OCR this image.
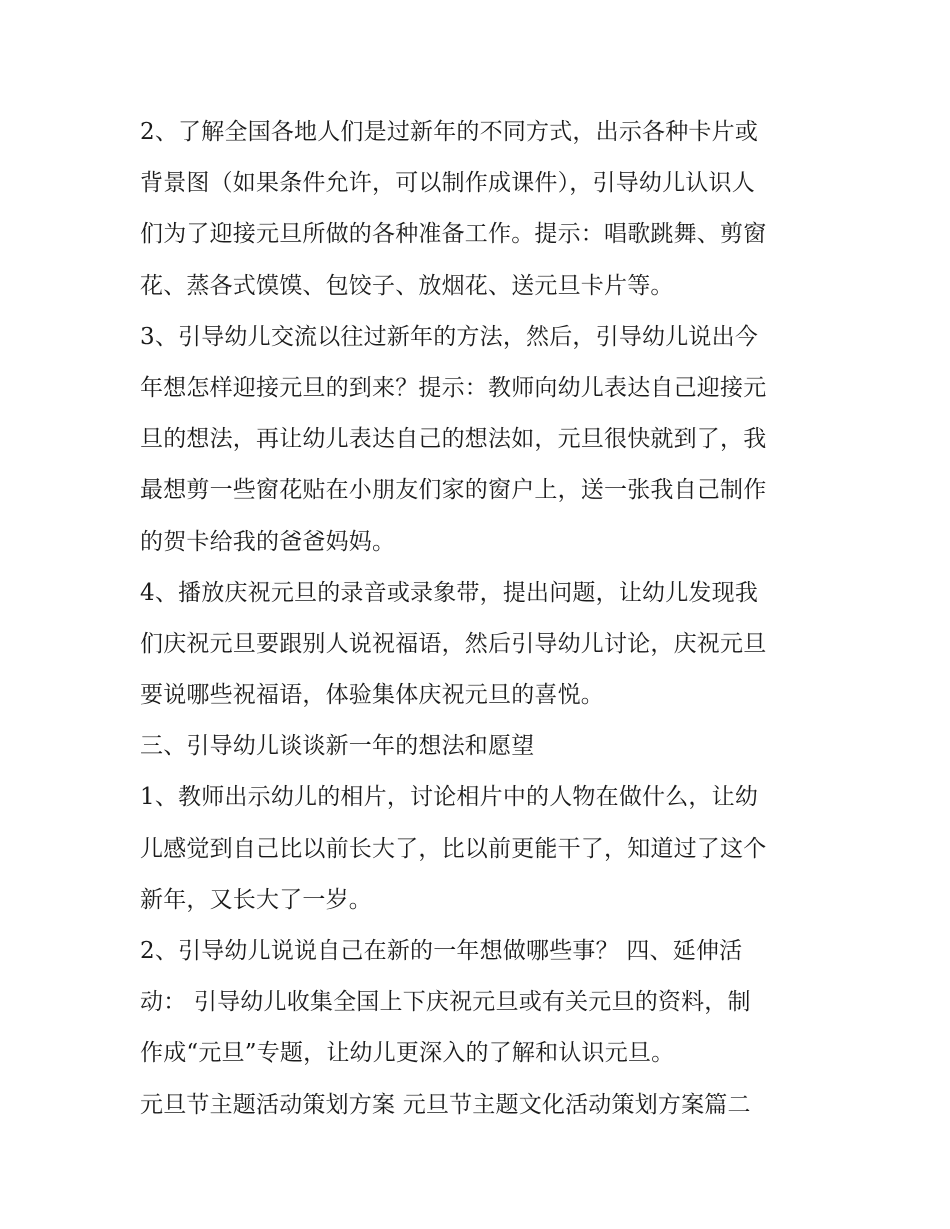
2、了解全国各地人们是过新年的不同方式，出示各种卡片或
背景图（如果条件允许，可以制作成课件），引导幼儿认识人
们为了迎接元旦所做的各种准备工作。提示：唱歌跳舞、剪窗
花、蒸各式馍馍、包饺子、放烟花、送元旦卡片等。
3、引导幼儿交流以往过新年的方法，然后，引导幼儿说出今
年想怎样迎接元旦的到来？提示：教师向幼儿表达自己迎接元
旦的想法，再让幼儿表达自己的想法如，元旦很快就到了，我
最想剪一些窗花贴在小朋友们家的窗户上，送一张我自己制作
的贺卡给我的爸爸妈妈。
4、播放庆祝元旦的录音或录象带，提出问题，让幼儿发现我
们庆祝元旦要跟别人说祝福语，然后引导幼儿讨论，庆祝元旦
要说哪些祝福语，体验集体庆祝元旦的喜悦。
三、引导幼儿谈谈新一年的想法和愿望
1、教师出示幼儿的相片，讨论相片中的人物在做什么，让幼
儿感觉到自己比以前长大了，比以前更能干了，知道过了这个
新年，又长大了一岁。
2、引导幼儿说说自己在新的一年想做哪些事？ 四、延伸活
动： 引导幼儿收集全国上下庆祝元旦或有关元旦的资料，制
作成“元旦”专题，让幼儿更深入的了解和认识元旦。
元旦节主题活动策划方案 元旦节主题文化活动策划方案篇二
